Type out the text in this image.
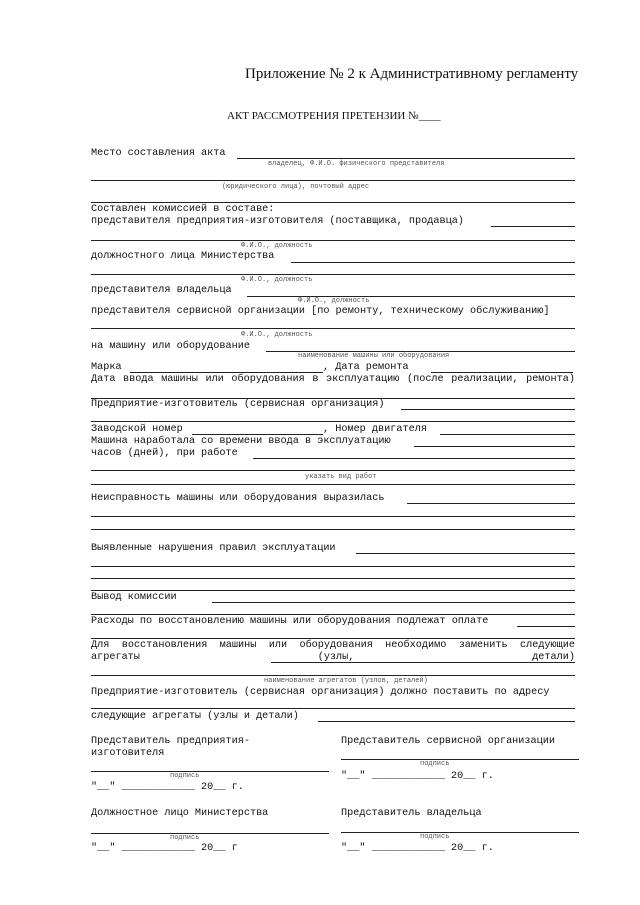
Приложение № 2 к Административному регламенту
АКТ РАССМОТРЕНИЯ ПРЕТЕНЗИИ №____
Место составления акта
владелец, Ф.И.О. физического представителя
(юридического лица), почтовый адрес
Составлен комиссией в составе:
представителя предприятия-изготовителя (поставщика, продавца)
Ф.И.О., должность
должностного лица Министерства
Ф.И.О., должность
представителя владельца
Ф.И.О., должность
представителя сервисной организации [по ремонту, техническому обслуживанию]
Ф.И.О., должность
на машину или оборудование
наименование машины или оборудования
Марка	, Дата ремонта
Дата ввода машины или оборудования в эксплуатацию (после реализации, ремонта)
Предприятие-изготовитель (сервисная организация)
Заводской номер	, Номер двигателя
Машина наработала со времени ввода в эксплуатацию
часов (дней), при работе
указать вид работ
Неисправность машины или оборудования выразилась
Выявленные нарушения правил эксплуатации
Вывод комиссии
Расходы по восстановлению машины или оборудования подлежат оплате
Для восстановления машины или оборудования необходимо заменить следующие агрегаты (узлы, детали)
наименование агрегатов (узлов, деталей)
Предприятие-изготовитель (сервисная организация) должно поставить по адресу
следующие агрегаты (узлы и детали)
Представитель предприятия-
изготовителя
подпись
"__" ____________ 20__ г.
Должностное лицо Министерства
подпись
"__" ____________ 20__ г
Представитель сервисной организации
подпись
"__" ____________ 20__ г.
Представитель владельца
подпись
"__" ____________ 20__ г.
